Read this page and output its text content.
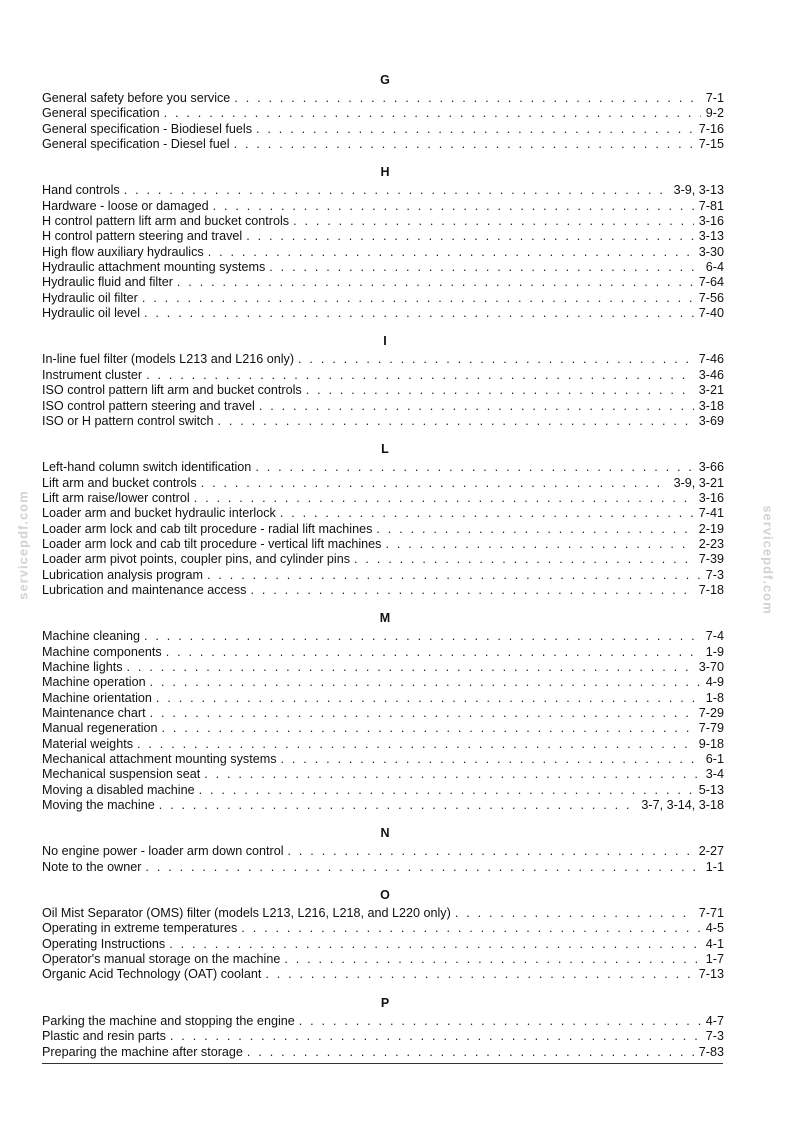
G
General safety before you service . . .	7-1
General specification . . .	9-2
General specification - Biodiesel fuels . . .	7-16
General specification - Diesel fuel . . .	7-15
H
Hand controls . . .	3-9, 3-13
Hardware - loose or damaged . . .	7-81
H control pattern lift arm and bucket controls . . .	3-16
H control pattern steering and travel . . .	3-13
High flow auxiliary hydraulics . . .	3-30
Hydraulic attachment mounting systems . . .	6-4
Hydraulic fluid and filter . . .	7-64
Hydraulic oil filter . . .	7-56
Hydraulic oil level . . .	7-40
I
In-line fuel filter (models L213 and L216 only) . . .	7-46
Instrument cluster . . .	3-46
ISO control pattern lift arm and bucket controls . . .	3-21
ISO control pattern steering and travel . . .	3-18
ISO or H pattern control switch . . .	3-69
L
Left-hand column switch identification . . .	3-66
Lift arm and bucket controls . . .	3-9, 3-21
Lift arm raise/lower control . . .	3-16
Loader arm and bucket hydraulic interlock . . .	7-41
Loader arm lock and cab tilt procedure - radial lift machines . . .	2-19
Loader arm lock and cab tilt procedure - vertical lift machines . . .	2-23
Loader arm pivot points, coupler pins, and cylinder pins . . .	7-39
Lubrication analysis program . . .	7-3
Lubrication and maintenance access . . .	7-18
M
Machine cleaning . . .	7-4
Machine components . . .	1-9
Machine lights . . .	3-70
Machine operation . . .	4-9
Machine orientation . . .	1-8
Maintenance chart . . .	7-29
Manual regeneration . . .	7-79
Material weights . . .	9-18
Mechanical attachment mounting systems . . .	6-1
Mechanical suspension seat . . .	3-4
Moving a disabled machine . . .	5-13
Moving the machine . . .	3-7, 3-14, 3-18
N
No engine power - loader arm down control . . .	2-27
Note to the owner . . .	1-1
O
Oil Mist Separator (OMS) filter (models L213, L216, L218, and L220 only) . . .	7-71
Operating in extreme temperatures . . .	4-5
Operating Instructions . . .	4-1
Operator's manual storage on the machine . . .	1-7
Organic Acid Technology (OAT) coolant . . .	7-13
P
Parking the machine and stopping the engine . . .	4-7
Plastic and resin parts . . .	7-3
Preparing the machine after storage . . .	7-83
servicepdf.com	servicepdf.com
